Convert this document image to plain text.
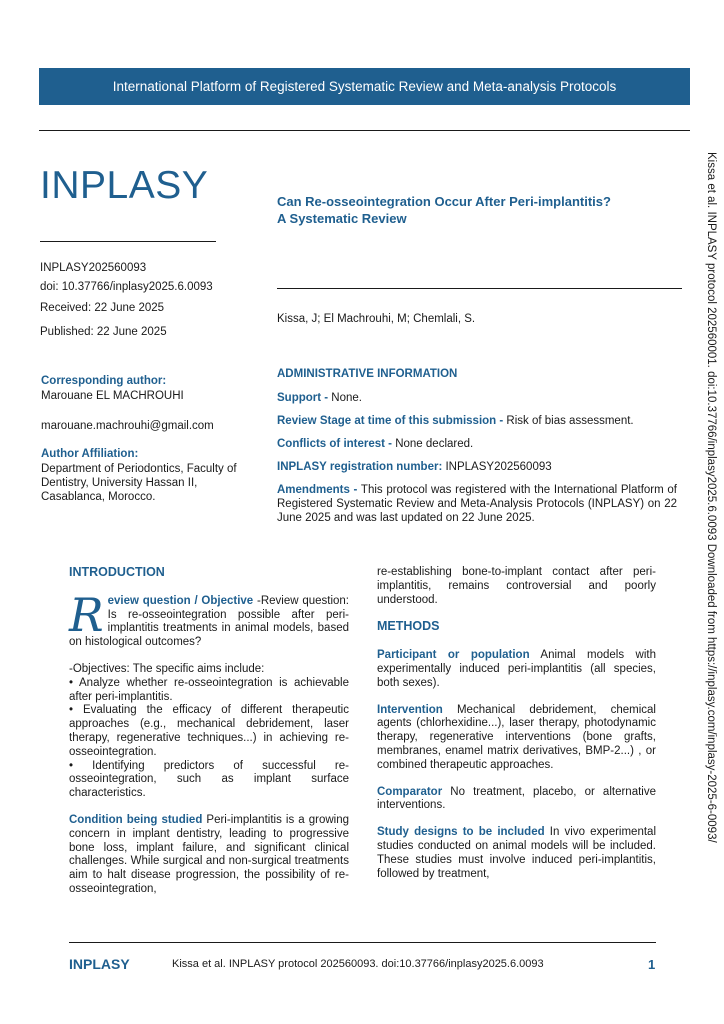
International Platform of Registered Systematic Review and Meta-analysis Protocols
INPLASY	Can Re-osseointegration Occur After Peri-implantitis?
A Systematic Review
INPLASY202560093
doi: 10.37766/inplasy2025.6.0093
Received: 22 June 2025
Published: 22 June 2025
Kissa, J; El Machrouhi, M; Chemlali, S.
Corresponding author:
Marouane EL MACHROUHI
marouane.machrouhi@gmail.com
Author Affiliation:
Department of Periodontics, Faculty of Dentistry, University Hassan II, Casablanca, Morocco.
ADMINISTRATIVE INFORMATION
Support - None.
Review Stage at time of this submission - Risk of bias assessment.
Conflicts of interest - None declared.
INPLASY registration number: INPLASY202560093
Amendments - This protocol was registered with the International Platform of Registered Systematic Review and Meta-Analysis Protocols (INPLASY) on 22 June 2025 and was last updated on 22 June 2025.
INTRODUCTION
Review question / Objective -Review question: Is re-osseointegration possible after peri-implantitis treatments in animal models, based on histological outcomes?
-Objectives: The specific aims include:
• Analyze whether re-osseointegration is achievable after peri-implantitis.
• Evaluating the efficacy of different therapeutic approaches (e.g., mechanical debridement, laser therapy, regenerative techniques...) in achieving re-osseointegration.
• Identifying predictors of successful re-osseointegration, such as implant surface characteristics.
Condition being studied Peri-implantitis is a growing concern in implant dentistry, leading to progressive bone loss, implant failure, and significant clinical challenges. While surgical and non-surgical treatments aim to halt disease progression, the possibility of re-osseointegration,
re-establishing bone-to-implant contact after peri-implantitis, remains controversial and poorly understood.
METHODS
Participant or population Animal models with experimentally induced peri-implantitis (all species, both sexes).
Intervention Mechanical debridement, chemical agents (chlorhexidine...), laser therapy, photodynamic therapy, regenerative interventions (bone grafts, membranes, enamel matrix derivatives, BMP-2...) , or combined therapeutic approaches.
Comparator No treatment, placebo, or alternative interventions.
Study designs to be included In vivo experimental studies conducted on animal models will be included. These studies must involve induced peri-implantitis, followed by treatment,
INPLASY	Kissa et al. INPLASY protocol 202560093. doi:10.37766/inplasy2025.6.0093	1
Kissa et al. INPLASY protocol 202560001. doi:10.37766/inplasy2025.6.0093 Downloaded from https://inplasy.com/inplasy-2025-6-0093/
